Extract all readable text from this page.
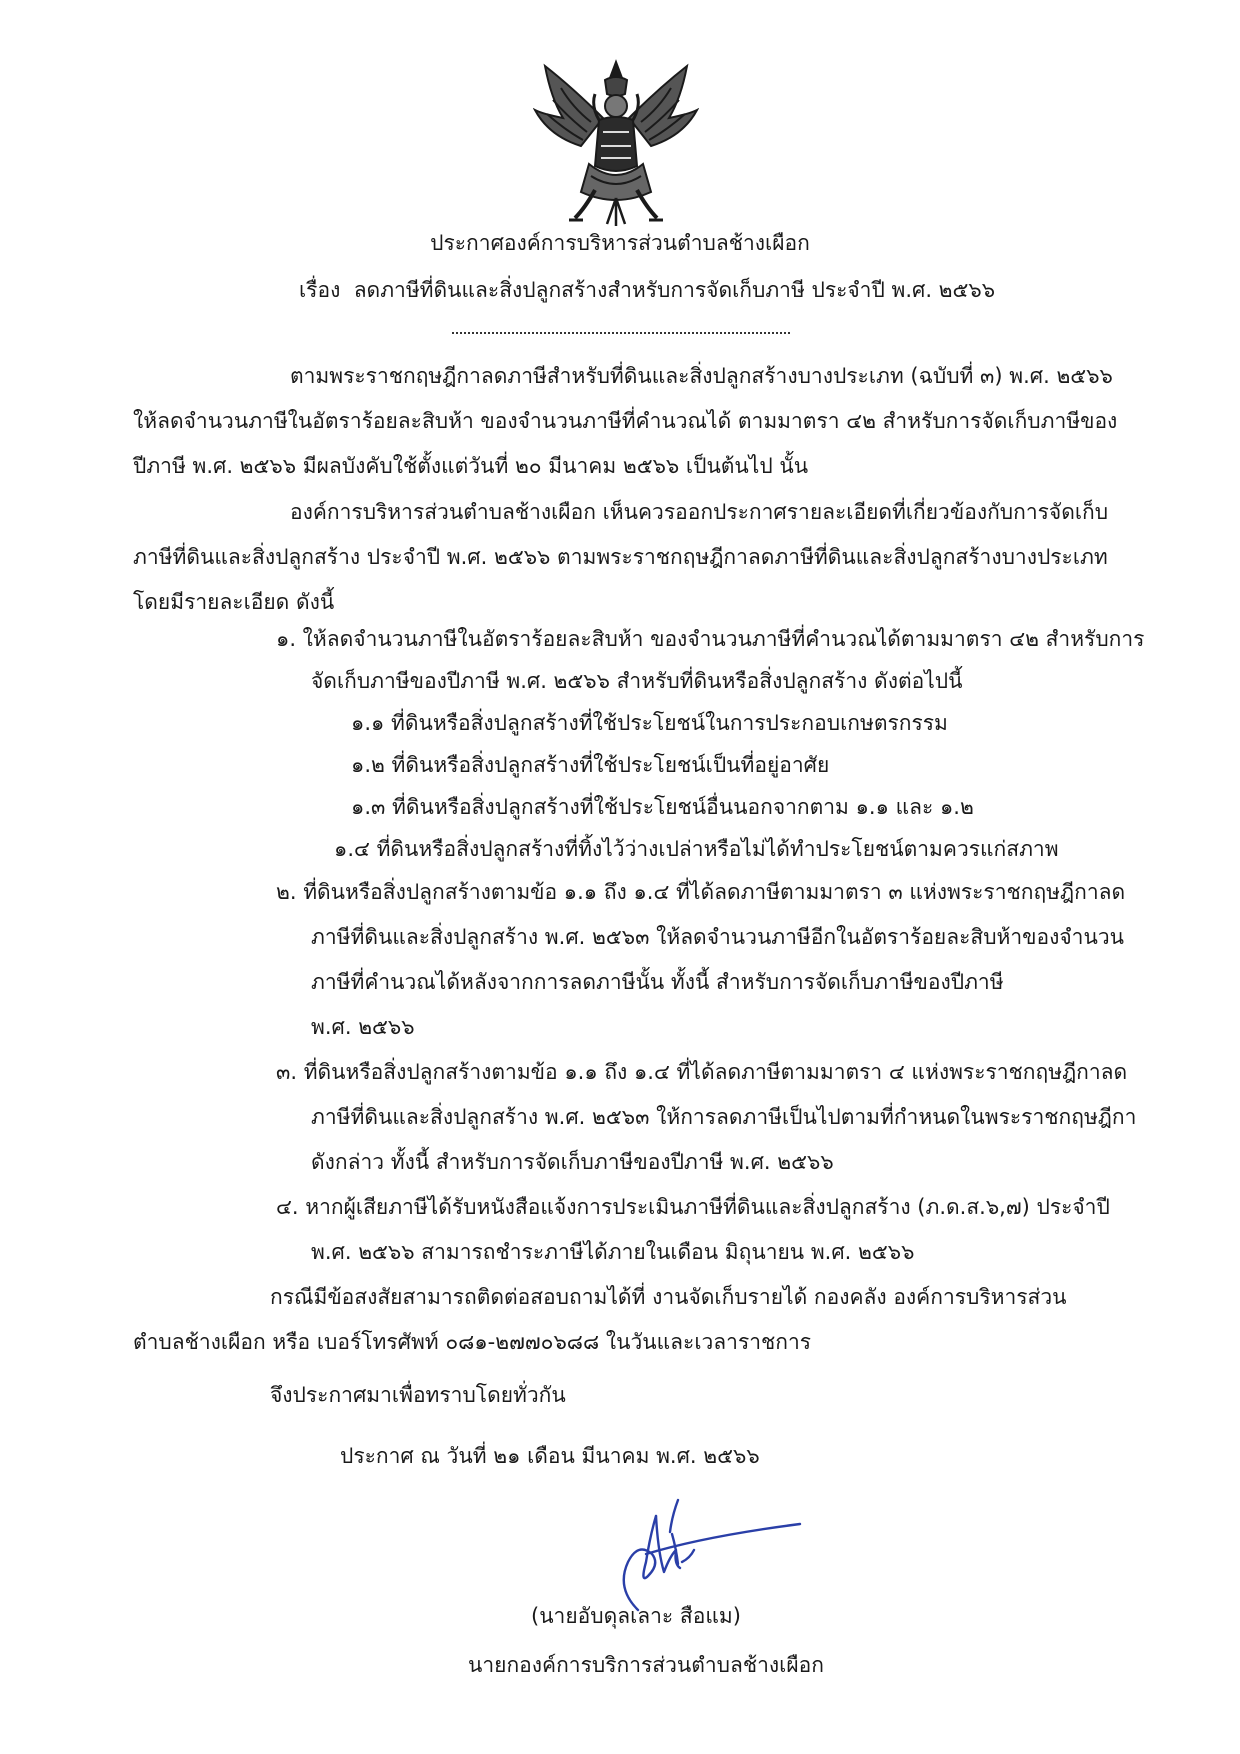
ประกาศองค์การบริหารส่วนตำบลช้างเผือก
เรื่อง ลดภาษีที่ดินและสิ่งปลูกสร้างสำหรับการจัดเก็บภาษี ประจำปี พ.ศ. ๒๕๖๖
ตามพระราชกฤษฎีกาลดภาษีสำหรับที่ดินและสิ่งปลูกสร้างบางประเภท (ฉบับที่ ๓) พ.ศ. ๒๕๖๖
ให้ลดจำนวนภาษีในอัตราร้อยละสิบห้า ของจำนวนภาษีที่คำนวณได้ ตามมาตรา ๔๒ สำหรับการจัดเก็บภาษีของ
ปีภาษี พ.ศ. ๒๕๖๖ มีผลบังคับใช้ตั้งแต่วันที่ ๒๐ มีนาคม ๒๕๖๖ เป็นต้นไป นั้น
องค์การบริหารส่วนตำบลช้างเผือก เห็นควรออกประกาศรายละเอียดที่เกี่ยวข้องกับการจัดเก็บ
ภาษีที่ดินและสิ่งปลูกสร้าง ประจำปี พ.ศ. ๒๕๖๖ ตามพระราชกฤษฎีกาลดภาษีที่ดินและสิ่งปลูกสร้างบางประเภท
โดยมีรายละเอียด ดังนี้
๑. ให้ลดจำนวนภาษีในอัตราร้อยละสิบห้า ของจำนวนภาษีที่คำนวณได้ตามมาตรา ๔๒ สำหรับการ
จัดเก็บภาษีของปีภาษี พ.ศ. ๒๕๖๖ สำหรับที่ดินหรือสิ่งปลูกสร้าง ดังต่อไปนี้
๑.๑ ที่ดินหรือสิ่งปลูกสร้างที่ใช้ประโยชน์ในการประกอบเกษตรกรรม
๑.๒ ที่ดินหรือสิ่งปลูกสร้างที่ใช้ประโยชน์เป็นที่อยู่อาศัย
๑.๓ ที่ดินหรือสิ่งปลูกสร้างที่ใช้ประโยชน์อื่นนอกจากตาม ๑.๑ และ ๑.๒
๑.๔ ที่ดินหรือสิ่งปลูกสร้างที่ทิ้งไว้ว่างเปล่าหรือไม่ได้ทำประโยชน์ตามควรแก่สภาพ
๒. ที่ดินหรือสิ่งปลูกสร้างตามข้อ ๑.๑ ถึง ๑.๔ ที่ได้ลดภาษีตามมาตรา ๓ แห่งพระราชกฤษฎีกาลด
ภาษีที่ดินและสิ่งปลูกสร้าง พ.ศ. ๒๕๖๓ ให้ลดจำนวนภาษีอีกในอัตราร้อยละสิบห้าของจำนวน
ภาษีที่คำนวณได้หลังจากการลดภาษีนั้น ทั้งนี้ สำหรับการจัดเก็บภาษีของปีภาษี
พ.ศ. ๒๕๖๖
๓. ที่ดินหรือสิ่งปลูกสร้างตามข้อ ๑.๑ ถึง ๑.๔ ที่ได้ลดภาษีตามมาตรา ๔ แห่งพระราชกฤษฎีกาลด
ภาษีที่ดินและสิ่งปลูกสร้าง พ.ศ. ๒๕๖๓ ให้การลดภาษีเป็นไปตามที่กำหนดในพระราชกฤษฎีกา
ดังกล่าว ทั้งนี้ สำหรับการจัดเก็บภาษีของปีภาษี พ.ศ. ๒๕๖๖
๔. หากผู้เสียภาษีได้รับหนังสือแจ้งการประเมินภาษีที่ดินและสิ่งปลูกสร้าง (ภ.ด.ส.๖,๗) ประจำปี
พ.ศ. ๒๕๖๖ สามารถชำระภาษีได้ภายในเดือน มิถุนายน พ.ศ. ๒๕๖๖
กรณีมีข้อสงสัยสามารถติดต่อสอบถามได้ที่ งานจัดเก็บรายได้ กองคลัง องค์การบริหารส่วน
ตำบลช้างเผือก หรือ เบอร์โทรศัพท์ ๐๘๑-๒๗๗๐๖๘๘ ในวันและเวลาราชการ
จึงประกาศมาเพื่อทราบโดยทั่วกัน
ประกาศ ณ วันที่ ๒๑ เดือน มีนาคม พ.ศ. ๒๕๖๖
(นายอับดุลเลาะ สือแม)
นายกองค์การบริการส่วนตำบลช้างเผือก
